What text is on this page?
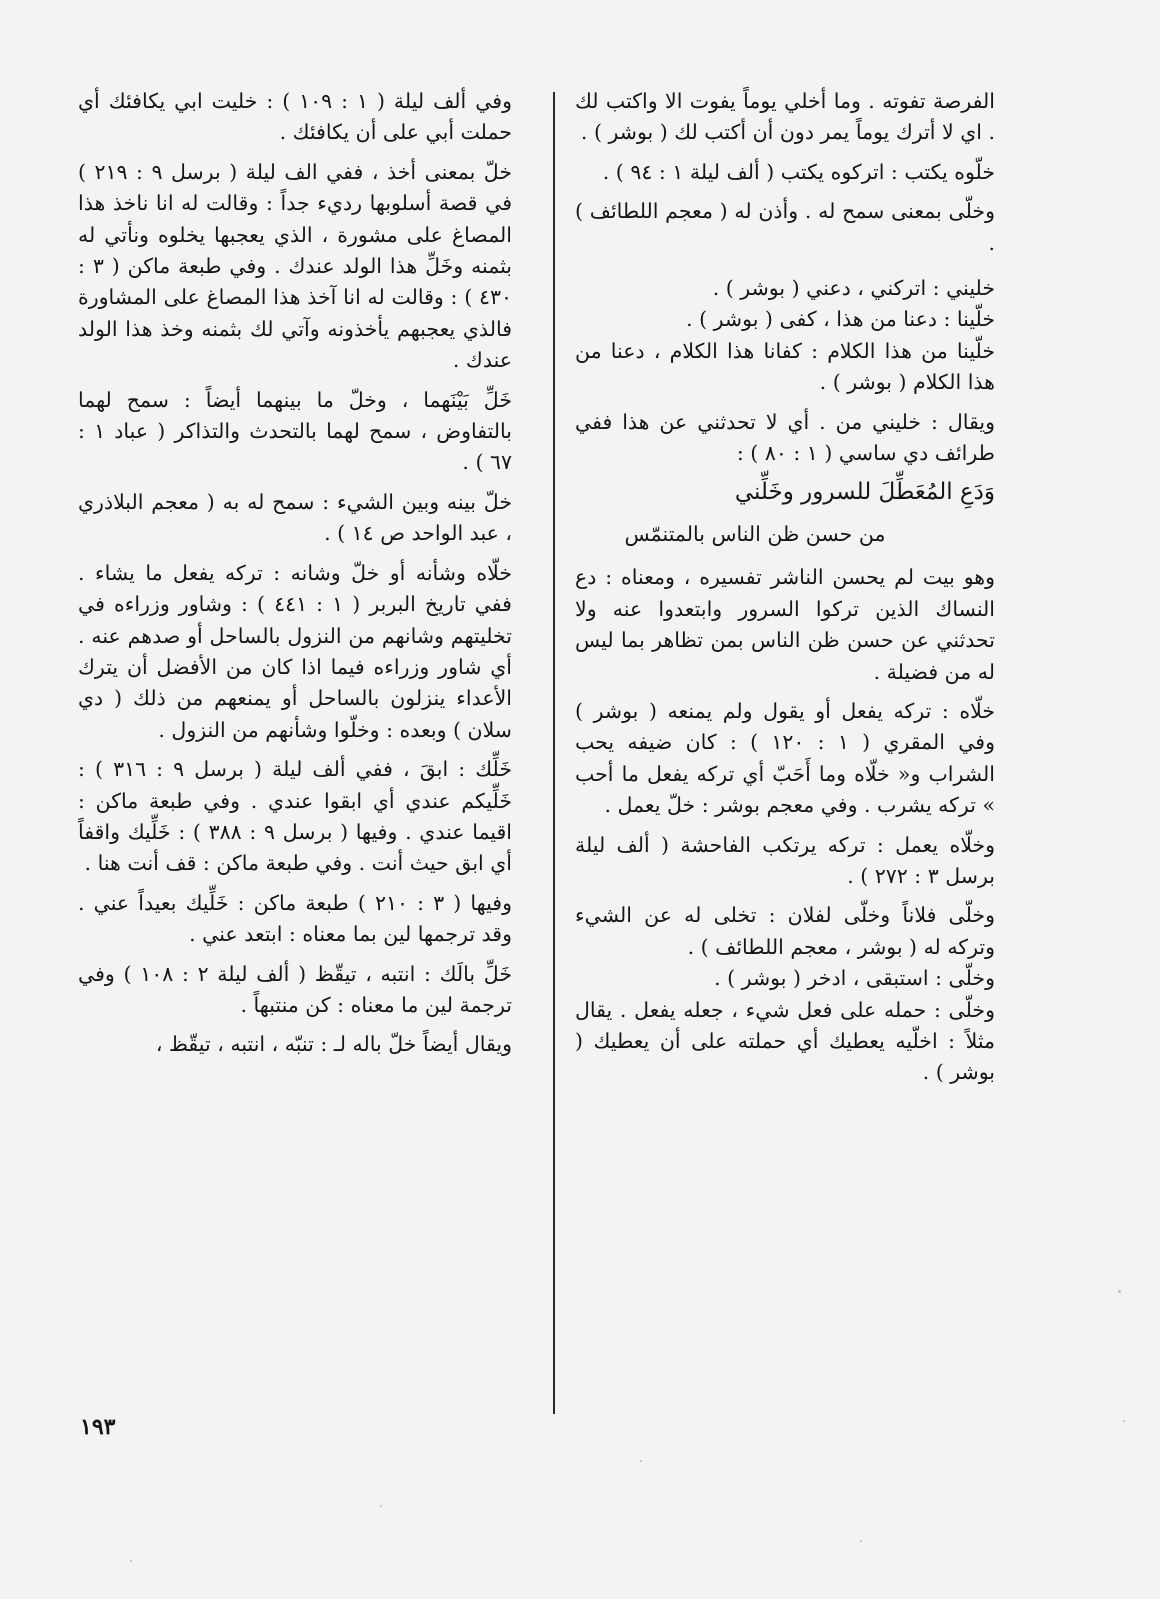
الفرصة تفوته . وما أخلي يوماً يفوت الا واكتب لك . اي لا أترك يوماً يمر دون أن أكتب لك ( بوشر ) .

خلّوه يكتب : اتركوه يكتب ( ألف ليلة ١ : ٩٤ ) .

وخلّى بمعنى سمح له . وأذن له ( معجم اللطائف ) .

خليني : اتركني ، دعني ( بوشر ) .
خلّينا : دعنا من هذا ، كفى ( بوشر ) .

خلّينا من هذا الكلام : كفانا هذا الكلام ، دعنا من هذا الكلام ( بوشر ) .

ويقال : خليني من . أي لا تحدثني عن هذا ففي طرائف دي ساسي ( ١ : ٨٠ ) :

وَدَعِ المُعَطِّلَ للسرور وخَلِّني
من حسن ظن الناس بالمتنمّس

وهو بيت لم يحسن الناشر تفسيره ، ومعناه : دع النساك الذين تركوا السرور وابتعدوا عنه ولا تحدثني عن حسن ظن الناس بمن تظاهر بما ليس له من فضيلة .

خلّاه : تركه يفعل أو يقول ولم يمنعه ( بوشر ) وفي المقري ( ١ : ١٢٠ ) : كان ضيفه يحب الشراب و« خلّاه وما أَحَبّ أي تركه يفعل ما أحب » تركه يشرب . وفي معجم بوشر : خلّ يعمل .

وخلّاه يعمل : تركه يرتكب الفاحشة ( ألف ليلة برسل ٣ : ٢٧٢ ) .

وخلّى فلاناً وخلّى لفلان : تخلى له عن الشيء وتركه له ( بوشر ، معجم اللطائف ) .
وخلّى : استبقى ، ادخر ( بوشر ) .
وخلّى : حمله على فعل شيء ، جعله يفعل . يقال مثلاً : اخلّيه يعطيك أي حملته على أن يعطيك ( بوشر ) .

وفي ألف ليلة ( ١ : ١٠٩ ) : خليت ابي يكافئك أي حملت أبي على أن يكافئك .

خلّ بمعنى أخذ ، ففي الف ليلة ( برسل ٩ : ٢١٩ ) في قصة أسلوبها رديء جداً : وقالت له انا ناخذ هذا المصاغ على مشورة ، الذي يعجبها يخلوه ونأتي له بثمنه وخَلِّ هذا الولد عندك . وفي طبعة ماكن ( ٣ : ٤٣٠ ) : وقالت له انا آخذ هذا المصاغ على المشاورة فالذي يعجبهم يأخذونه وآتي لك بثمنه وخذ هذا الولد عندك .

خَلِّ بَيْنَهما ، وخلّ ما بينهما أيضاً : سمح لهما بالتفاوض ، سمح لهما بالتحدث والتذاكر ( عباد ١ : ٦٧ ) .

خلّ بينه وبين الشيء : سمح له به ( معجم البلاذري ، عبد الواحد ص ١٤ ) .

خلّاه وشأنه أو خلّ وشانه : تركه يفعل ما يشاء . ففي تاريخ البربر ( ١ : ٤٤١ ) : وشاور وزراءه في تخليتهم وشانهم من النزول بالساحل أو صدهم عنه . أي شاور وزراءه فيما اذا كان من الأفضل أن يترك الأعداء ينزلون بالساحل أو يمنعهم من ذلك ( دي سلان ) وبعده : وخلّوا وشأنهم من النزول .

خَلِّك : ابقَ ، ففي ألف ليلة ( برسل ٩ : ٣١٦ ) : خَلِّيكم عندي أي ابقوا عندي . وفي طبعة ماكن : اقيما عندي . وفيها ( برسل ٩ : ٣٨٨ ) : خَلِّيك واقفاً أي ابق حيث أنت . وفي طبعة ماكن : قف أنت هنا .

وفيها ( ٣ : ٢١٠ ) طبعة ماكن : خَلِّيك بعيداً عني . وقد ترجمها لين بما معناه : ابتعد عني .

خَلِّ بالَك : انتبه ، تيقّظ ( ألف ليلة ٢ : ١٠٨ ) وفي ترجمة لين ما معناه : كن منتبهاً .

ويقال أيضاً خلّ باله لـ : تنبّه ، انتبه ، تيقّظ ،

١٩٣
